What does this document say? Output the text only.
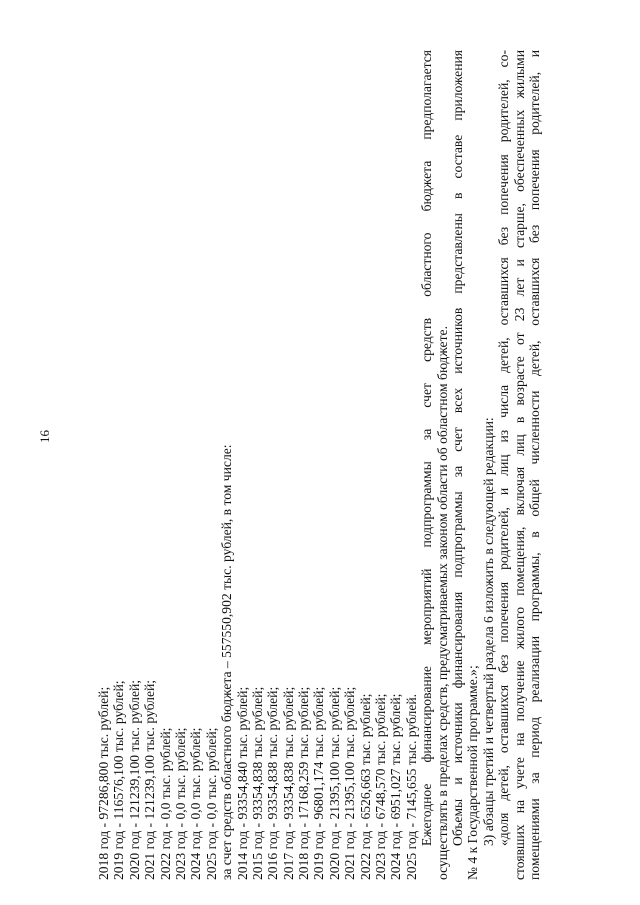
16
2018 год - 97286,800 тыс. рублей; 2019 год - 116576,100 тыс. рублей; 2020 год - 121239,100 тыс. рублей; 2021 год - 121239,100 тыс. рублей; 2022 год - 0,0 тыс. рублей; 2023 год - 0,0 тыс. рублей; 2024 год - 0,0 тыс. рублей; 2025 год - 0,0 тыс. рублей; за счет средств областного бюджета – 557550,902 тыс. рублей, в том числе: 2014 год - 93354,840 тыс. рублей; 2015 год - 93354,838 тыс. рублей; 2016 год - 93354,838 тыс. рублей; 2017 год - 93354,838 тыс. рублей; 2018 год - 17168,259 тыс. рублей; 2019 год - 96801,174 тыс. рублей; 2020 год - 21395,100 тыс. рублей; 2021 год - 21395,100 тыс. рублей; 2022 год - 6526,663 тыс. рублей; 2023 год - 6748,570 тыс. рублей; 2024 год - 6951,027 тыс. рублей; 2025 год - 7145,655 тыс. рублей. Ежегодное финансирование мероприятий подпрограммы за счет средств областного бюджета предполагается осуществлять в пределах средств, предусматриваемых законом области об областном бюджете. Объемы и источники финансирования подпрограммы за счет всех источников представлены в составе приложения № 4 к Государственной программе.»; 3) абзацы третий и четвертый раздела 6 изложить в следующей редакции: «доля детей, оставшихся без попечения родителей, и лиц из числа детей, оставшихся без попечения родителей, со- стоявших на учете на получение жилого помещения, включая лиц в возрасте от 23 лет и старше, обеспеченных жилыми помещениями за период реализации программы, в общей численности детей, оставшихся без попечения родителей, и
